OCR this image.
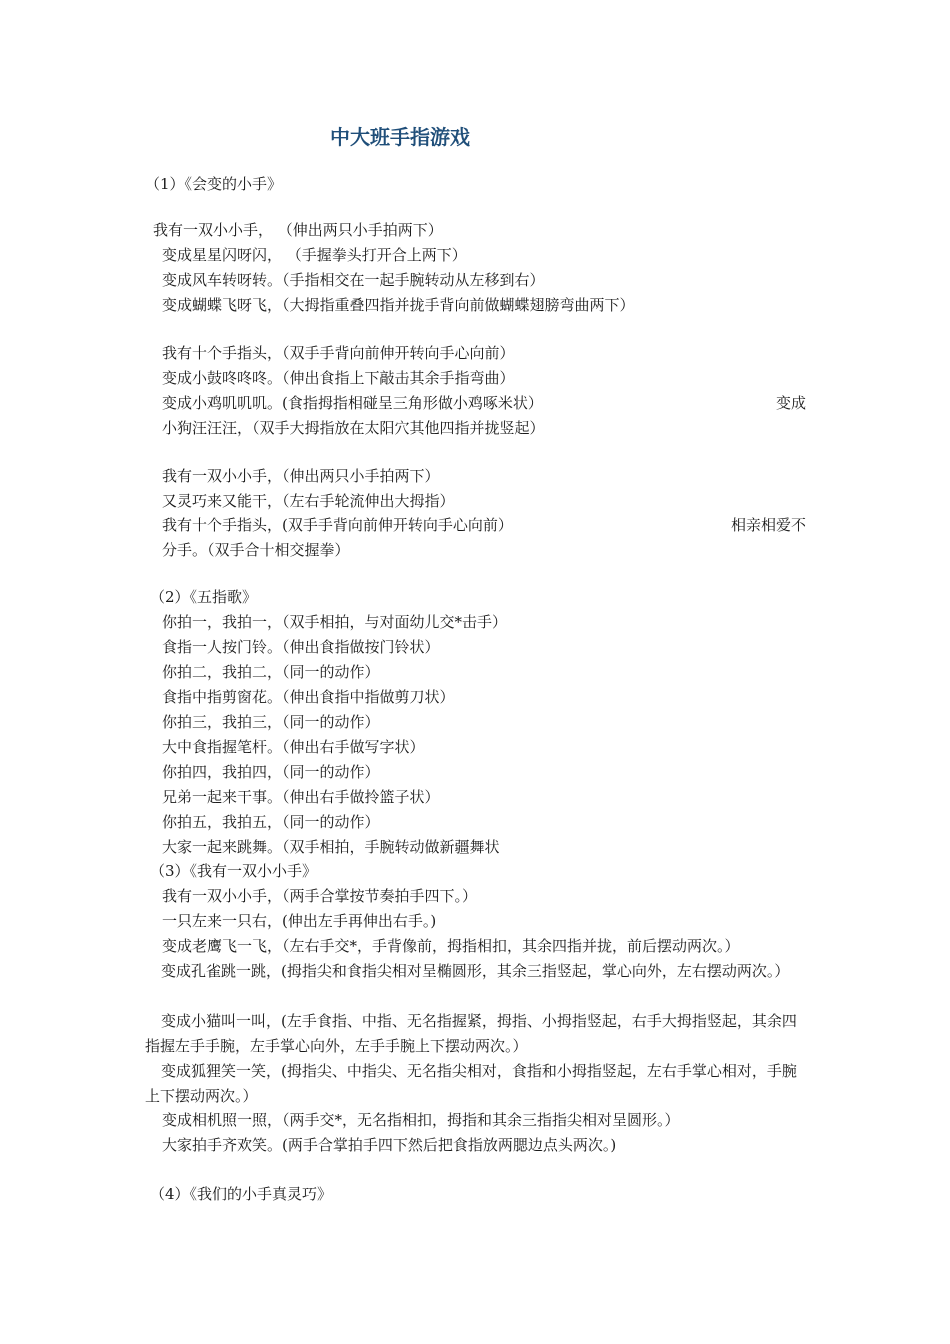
中大班手指游戏
（1）《会变的小手》
我有一双小小手， （伸出两只小手拍两下）
变成星星闪呀闪， （手握拳头打开合上两下）
变成风车转呀转。（手指相交在一起手腕转动从左移到右）
变成蝴蝶飞呀飞，（大拇指重叠四指并拢手背向前做蝴蝶翅膀弯曲两下）
我有十个手指头，（双手手背向前伸开转向手心向前）
变成小鼓咚咚咚。（伸出食指上下敲击其余手指弯曲）
变成小鸡叽叽叽。(食指拇指相碰呈三角形做小鸡啄米状）	变成
小狗汪汪汪，（双手大拇指放在太阳穴其他四指并拢竖起）
我有一双小小手，（伸出两只小手拍两下）
又灵巧来又能干，（左右手轮流伸出大拇指）
我有十个手指头，(双手手背向前伸开转向手心向前）	相亲相爱不
分手。（双手合十相交握拳）
（2）《五指歌》
你拍一，我拍一，（双手相拍，与对面幼儿交*击手）
食指一人按门铃。（伸出食指做按门铃状）
你拍二，我拍二，（同一的动作）
食指中指剪窗花。（伸出食指中指做剪刀状）
你拍三，我拍三，（同一的动作）
大中食指握笔杆。（伸出右手做写字状）
你拍四，我拍四，（同一的动作）
兄弟一起来干事。（伸出右手做拎篮子状）
你拍五，我拍五，（同一的动作）
大家一起来跳舞。（双手相拍，手腕转动做新疆舞状
（3）《我有一双小小手》
我有一双小小手，（两手合掌按节奏拍手四下。）
一只左来一只右，(伸出左手再伸出右手。)
变成老鹰飞一飞，（左右手交*，手背像前，拇指相扣，其余四指并拢，前后摆动两次。）
变成孔雀跳一跳，(拇指尖和食指尖相对呈椭圆形，其余三指竖起，掌心向外，左右摆动两次。）
变成小猫叫一叫，(左手食指、中指、无名指握紧，拇指、小拇指竖起，右手大拇指竖起，其余四指握左手手腕，左手掌心向外，左手手腕上下摆动两次。）
变成狐狸笑一笑，(拇指尖、中指尖、无名指尖相对，食指和小拇指竖起，左右手掌心相对，手腕上下摆动两次。）
变成相机照一照，（两手交*，无名指相扣，拇指和其余三指指尖相对呈圆形。）
大家拍手齐欢笑。(两手合掌拍手四下然后把食指放两腮边点头两次。)
（4）《我们的小手真灵巧》
